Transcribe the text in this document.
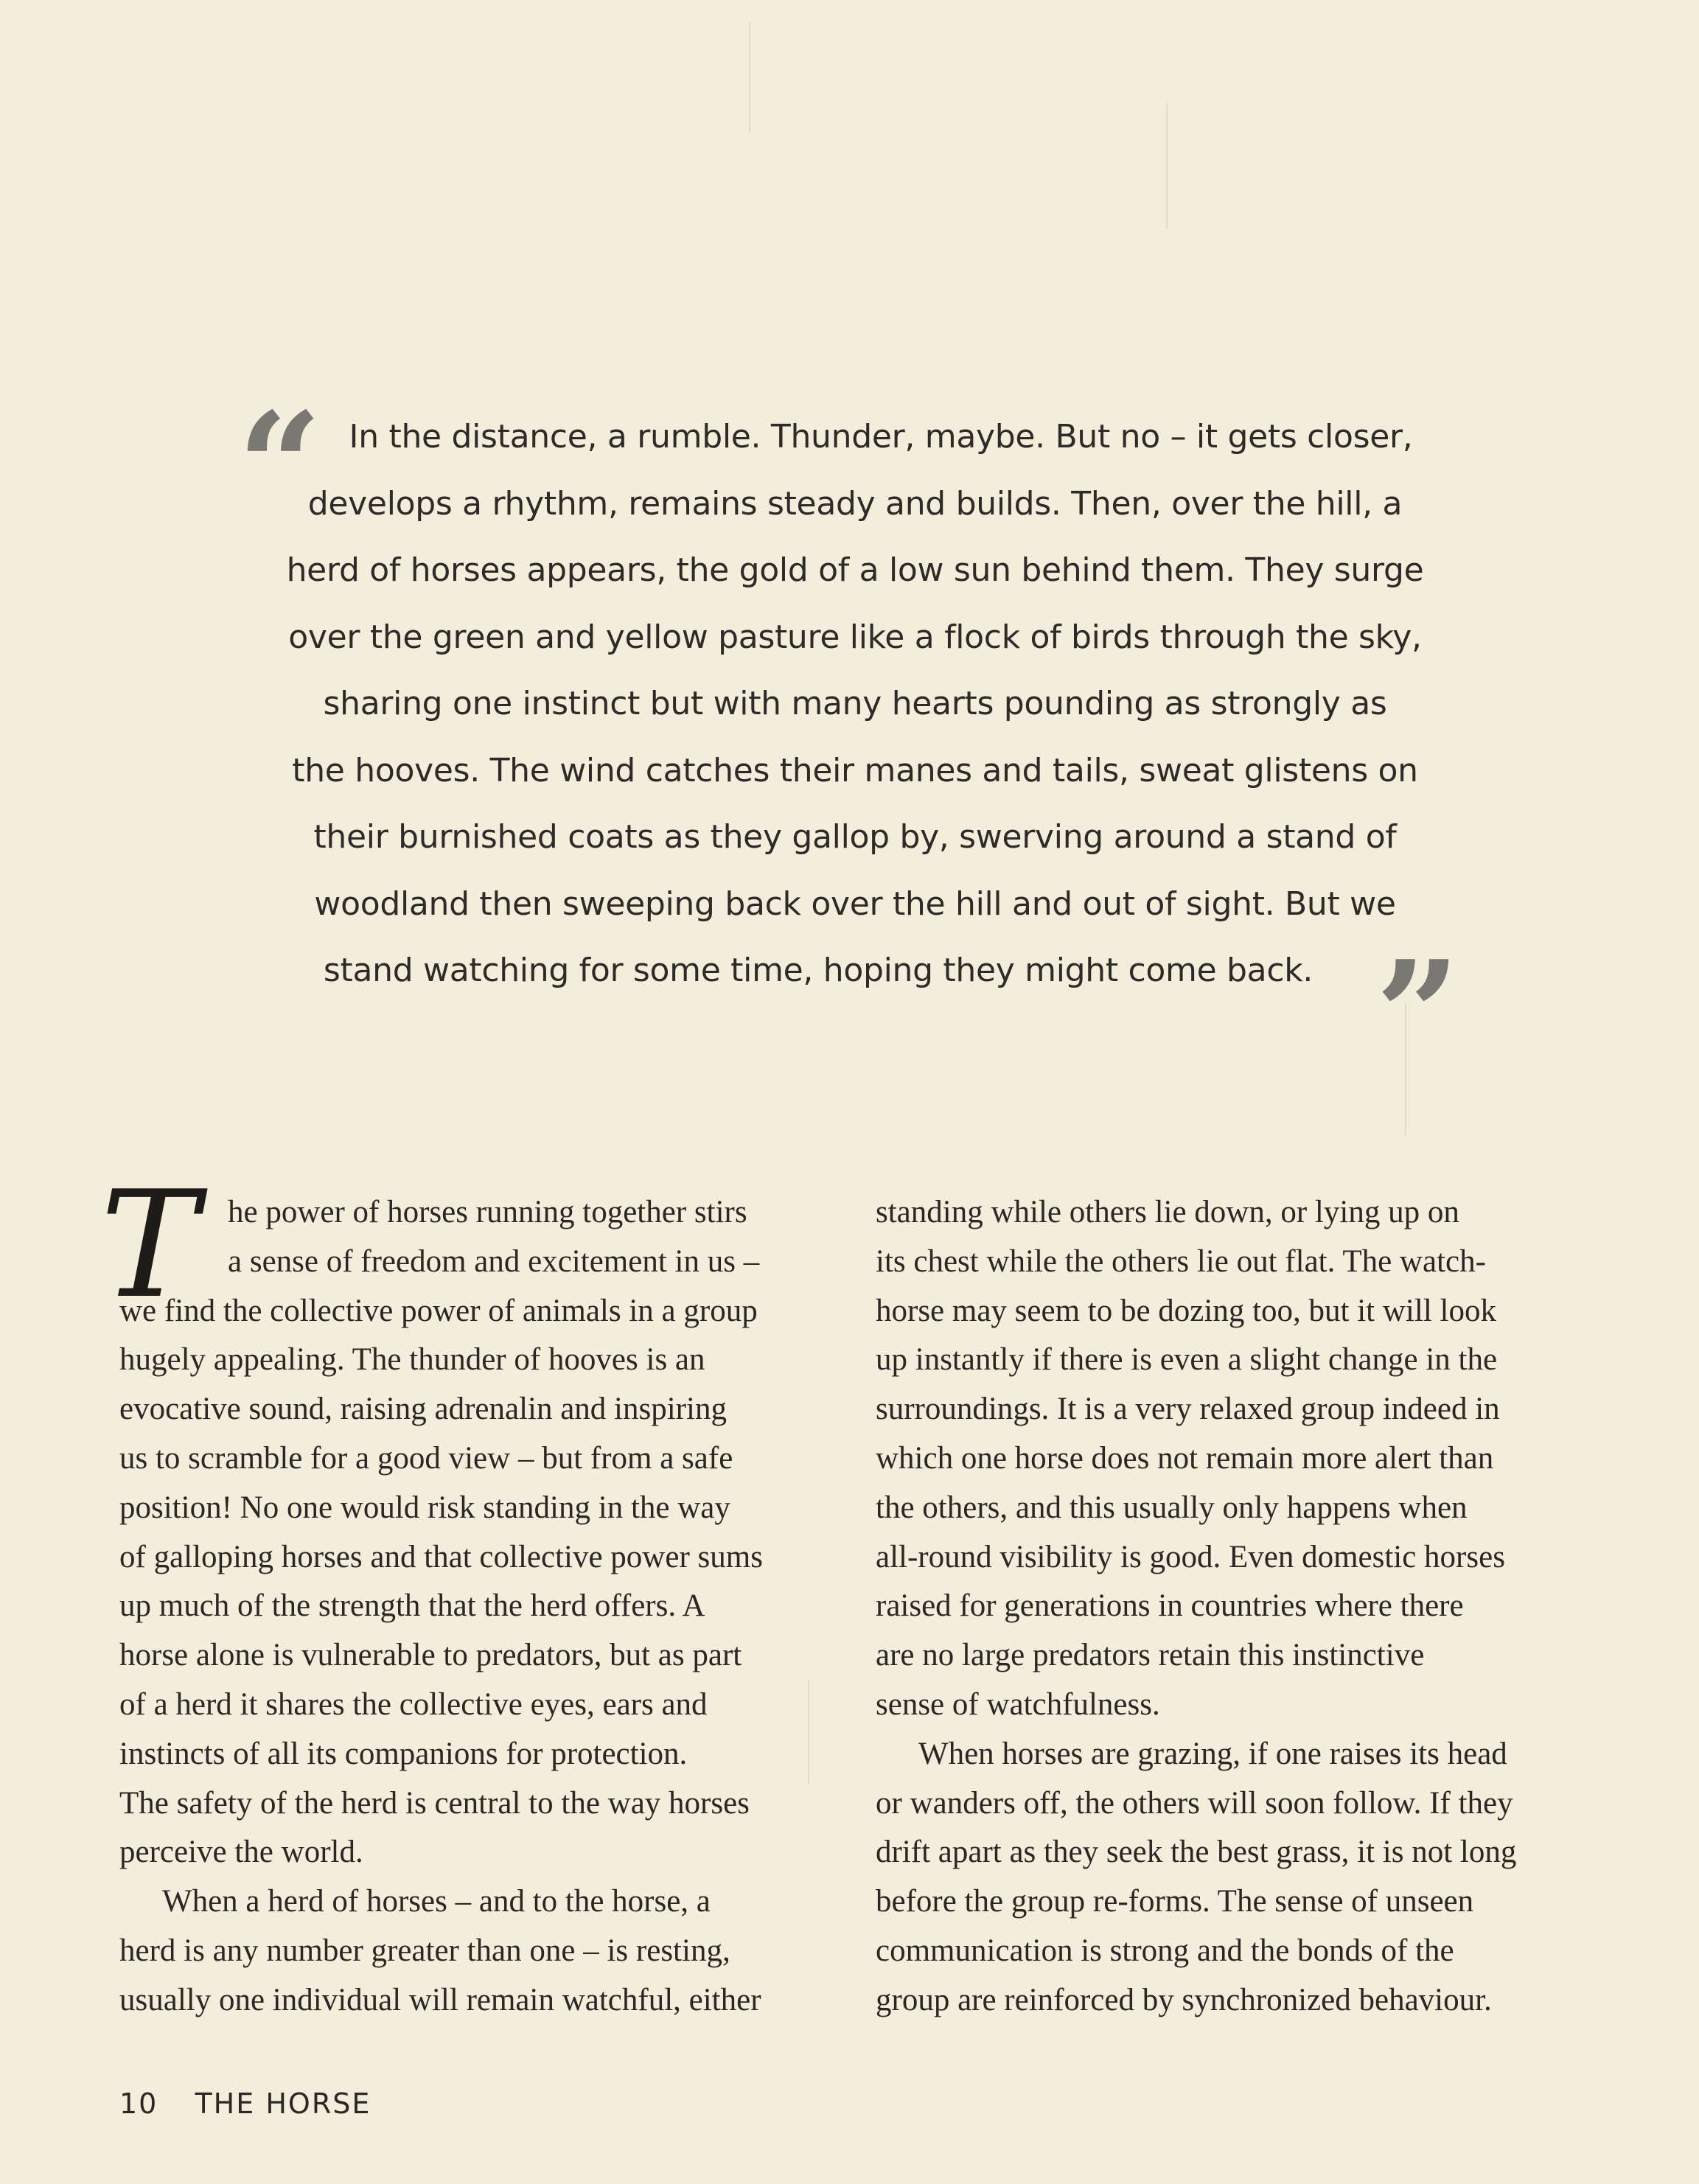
“ In the distance, a rumble. Thunder, maybe. But no – it gets closer,
develops a rhythm, remains steady and builds. Then, over the hill, a
herd of horses appears, the gold of a low sun behind them. They surge
over the green and yellow pasture like a flock of birds through the sky,
sharing one instinct but with many hearts pounding as strongly as
the hooves. The wind catches their manes and tails, sweat glistens on
their burnished coats as they gallop by, swerving around a stand of
woodland then sweeping back over the hill and out of sight. But we
stand watching for some time, hoping they might come back. ”
T he power of horses running together stirs
a sense of freedom and excitement in us –
we find the collective power of animals in a group
hugely appealing. The thunder of hooves is an
evocative sound, raising adrenalin and inspiring
us to scramble for a good view – but from a safe
position! No one would risk standing in the way
of galloping horses and that collective power sums
up much of the strength that the herd offers. A
horse alone is vulnerable to predators, but as part
of a herd it shares the collective eyes, ears and
instincts of all its companions for protection.
The safety of the herd is central to the way horses
perceive the world.
When a herd of horses – and to the horse, a
herd is any number greater than one – is resting,
usually one individual will remain watchful, either
standing while others lie down, or lying up on
its chest while the others lie out flat. The watch-
horse may seem to be dozing too, but it will look
up instantly if there is even a slight change in the
surroundings. It is a very relaxed group indeed in
which one horse does not remain more alert than
the others, and this usually only happens when
all-round visibility is good. Even domestic horses
raised for generations in countries where there
are no large predators retain this instinctive
sense of watchfulness.
When horses are grazing, if one raises its head
or wanders off, the others will soon follow. If they
drift apart as they seek the best grass, it is not long
before the group re-forms. The sense of unseen
communication is strong and the bonds of the
group are reinforced by synchronized behaviour.
10 THE HORSE
